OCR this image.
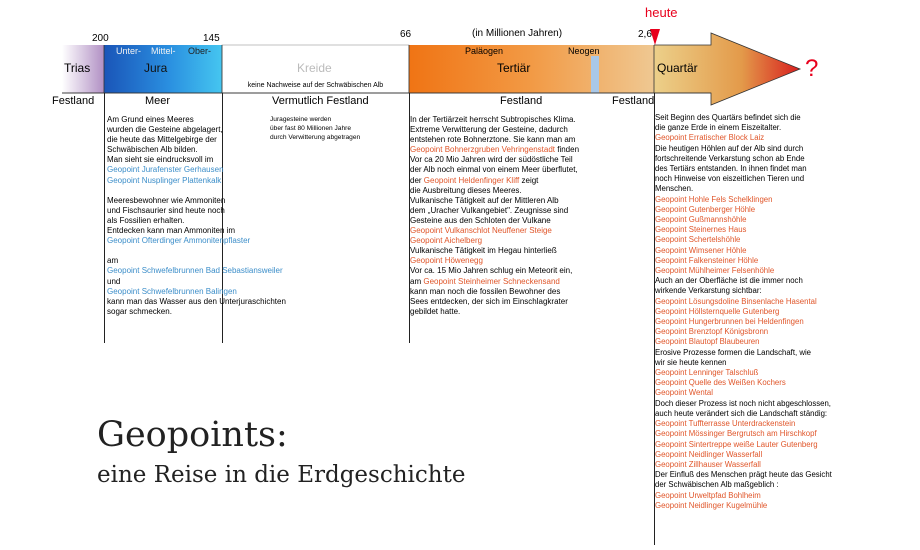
?
200	145	66	2,6
(in Millionen Jahren)
heute
Trias	Jura
Unter- Mittel- Ober-
Kreide
keine Nachweise auf der Schwäbischen Alb
Tertiär
Paläogen	Neogen
Quartär
Festland	Meer	Vermutlich Festland	Festland	Festland
Am Grund eines Meeres
wurden die Gesteine abgelagert,
die heute das Mittelgebirge der
Schwäbischen Alb bilden.
Man sieht sie eindrucksvoll im
Geopoint Jurafenster Gerhausen
Geopoint Nusplinger Plattenkalk

Meeresbewohner wie Ammoniten
und Fischsaurier sind heute noch
als Fossilien erhalten.
Entdecken kann man Ammoniten im
Geopoint Ofterdinger Ammonitenpflaster

am
Geopoint Schwefelbrunnen Bad Sebastiansweiler
und
Geopoint Schwefelbrunnen Balingen
kann man das Wasser aus den Unterjuraschichten
sogar schmecken.
Juragesteine werden
über fast 80 Millionen Jahre
durch Verwitterung abgetragen
In der Tertiärzeit herrscht Subtropisches Klima.
Extreme Verwitterung der Gesteine, dadurch
entstehen rote Bohnerztone. Sie kann man am
Geopoint Bohnerzgruben Vehringenstadt finden
Vor ca 20 Mio Jahren wird der südöstliche Teil
der Alb noch einmal von einem Meer überflutet,
der Geopoint Heldenfinger Kliff zeigt
die Ausbreitung dieses Meeres.
Vulkanische Tätigkeit auf der Mittleren Alb
dem „Uracher Vulkangebiet". Zeugnisse sind
Gesteine aus den Schloten der Vulkane
Geopoint Vulkanschlot Neuffener Steige
Geopoint Aichelberg
Vulkanische Tätigkeit im Hegau hinterließ
Geopoint Höwenegg
Vor ca. 15 Mio Jahren schlug ein Meteorit ein,
am Geopoint Steinheimer Schneckensand
kann man noch die fossilen Bewohner des
Sees entdecken, der sich im Einschlagkrater
gebildet hatte.
Seit Beginn des Quartärs befindet sich die
die ganze Erde in einem Eiszeitalter.
Geopoint Erratischer Block Laiz
Die heutigen Höhlen auf der Alb sind durch
fortschreitende Verkarstung schon ab Ende
des Tertiärs entstanden. In ihnen findet man
noch Hinweise von eiszeitlichen Tieren und
Menschen.
Geopoint Hohle Fels Schelklingen
Geopoint Gutenberger Höhle
Geopoint Gußmannshöhle
Geopoint Steinernes Haus
Geopoint Schertelshöhle
Geopoint Wimsener Höhle
Geopoint Falkensteiner Höhle
Geopoint Mühlheimer Felsenhöhle
Auch an der Oberfläche ist die immer noch
wirkende Verkarstung sichtbar:
Geopoint Lösungsdoline Binsenlache Hasental
Geopoint Höllsternquelle Gutenberg
Geopoint Hungerbrunnen bei Heldenfingen
Geopoint Brenztopf Königsbronn
Geopoint Blautopf Blaubeuren
Erosive Prozesse formen die Landschaft, wie
wir sie heute kennen
Geopoint Lenninger Talschluß
Geopoint Quelle des Weißen Kochers
Geopoint Wental
Doch dieser Prozess ist noch nicht abgeschlossen,
auch heute verändert sich die Landschaft ständig:
Geopoint Tuffterrasse Unterdrackenstein
Geopoint Mössinger Bergrutsch am Hirschkopf
Geopoint Sintertreppe weiße Lauter Gutenberg
Geopoint Neidlinger Wasserfall
Geopoint Zillhauser Wasserfall
Der Einfluß des Menschen prägt heute das Gesicht
der Schwäbischen Alb maßgeblich :
Geopoint Urweltpfad Bohlheim
Geopoint Neidlinger Kugelmühle
Geopoints:
eine Reise in die Erdgeschichte
